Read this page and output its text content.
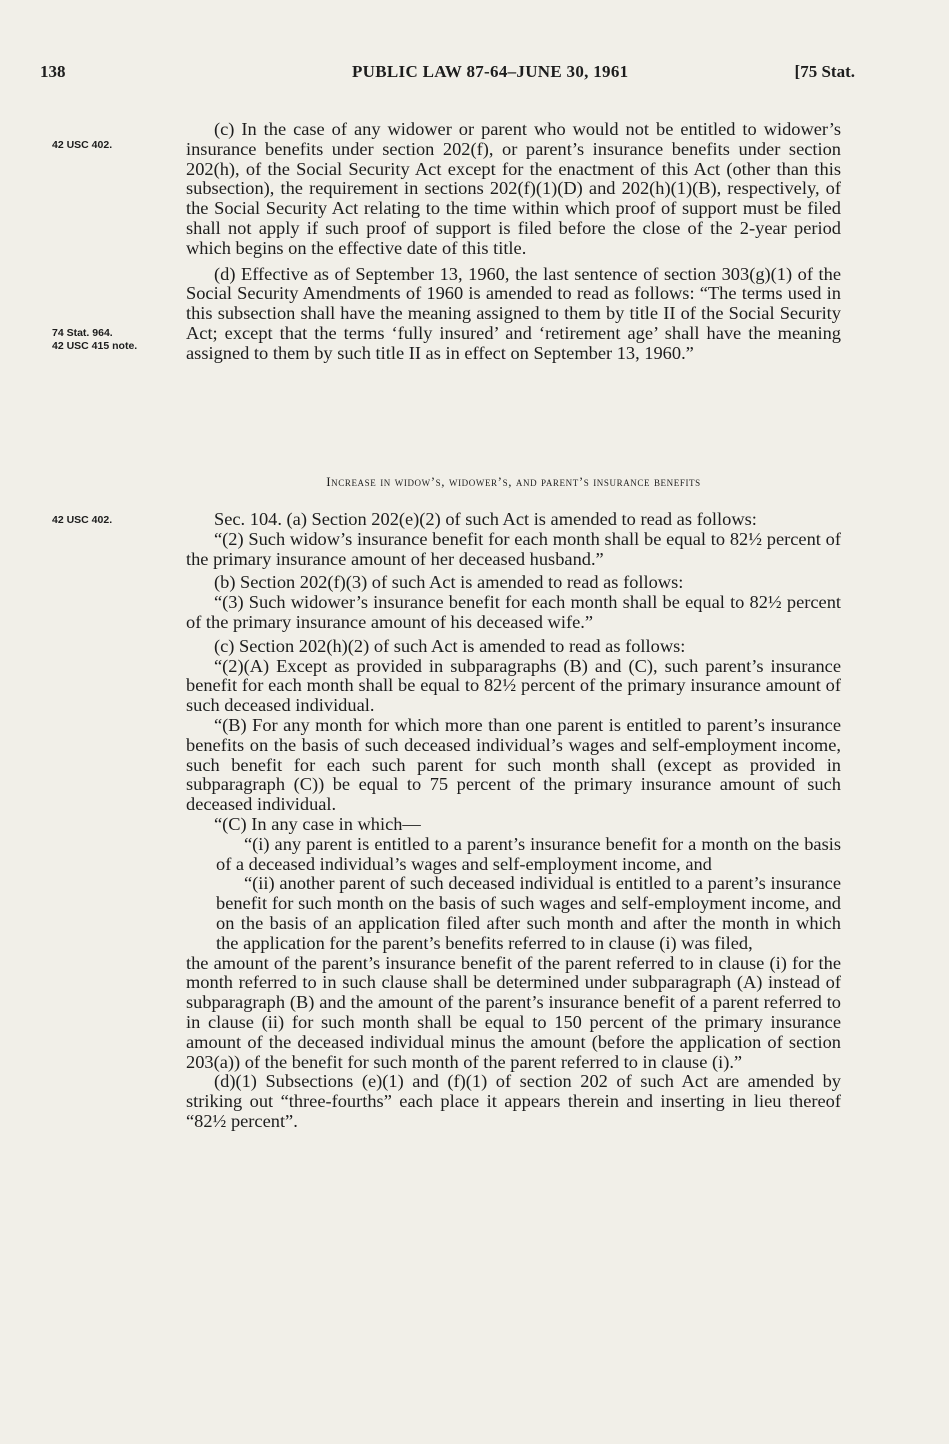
138	PUBLIC LAW 87-64–JUNE 30, 1961	[75 Stat.
42 USC 402.
74 Stat. 964.
42 USC 415 note.
42 USC 402.

(c) In the case of any widower or parent who would not be entitled to widower’s insurance benefits under section 202(f), or parent’s insurance benefits under section 202(h), of the Social Security Act except for the enactment of this Act (other than this subsection), the requirement in sections 202(f)(1)(D) and 202(h)(1)(B), respectively, of the Social Security Act relating to the time within which proof of support must be filed shall not apply if such proof of support is filed before the close of the 2-year period which begins on the effective date of this title.

(d) Effective as of September 13, 1960, the last sentence of section 303(g)(1) of the Social Security Amendments of 1960 is amended to read as follows: “The terms used in this subsection shall have the meaning assigned to them by title II of the Social Security Act; except that the terms ‘fully insured’ and ‘retirement age’ shall have the meaning assigned to them by such title II as in effect on September 13, 1960.”

Increase in widow’s, widower’s, and parent’s insurance benefits

Sec. 104. (a) Section 202(e)(2) of such Act is amended to read as follows:

“(2) Such widow’s insurance benefit for each month shall be equal to 82½ percent of the primary insurance amount of her deceased husband.”

(b) Section 202(f)(3) of such Act is amended to read as follows:

“(3) Such widower’s insurance benefit for each month shall be equal to 82½ percent of the primary insurance amount of his deceased wife.”

(c) Section 202(h)(2) of such Act is amended to read as follows:

“(2)(A) Except as provided in subparagraphs (B) and (C), such parent’s insurance benefit for each month shall be equal to 82½ percent of the primary insurance amount of such deceased individual.

“(B) For any month for which more than one parent is entitled to parent’s insurance benefits on the basis of such deceased individual’s wages and self-employment income, such benefit for each such parent for such month shall (except as provided in subparagraph (C)) be equal to 75 percent of the primary insurance amount of such deceased individual.

“(C) In any case in which—

“(i) any parent is entitled to a parent’s insurance benefit for a month on the basis of a deceased individual’s wages and self-employment income, and

“(ii) another parent of such deceased individual is entitled to a parent’s insurance benefit for such month on the basis of such wages and self-employment income, and on the basis of an application filed after such month and after the month in which the application for the parent’s benefits referred to in clause (i) was filed,

the amount of the parent’s insurance benefit of the parent referred to in clause (i) for the month referred to in such clause shall be determined under subparagraph (A) instead of subparagraph (B) and the amount of the parent’s insurance benefit of a parent referred to in clause (ii) for such month shall be equal to 150 percent of the primary insurance amount of the deceased individual minus the amount (before the application of section 203(a)) of the benefit for such month of the parent referred to in clause (i).”

(d)(1) Subsections (e)(1) and (f)(1) of section 202 of such Act are amended by striking out “three-fourths” each place it appears therein and inserting in lieu thereof “82½ percent”.
